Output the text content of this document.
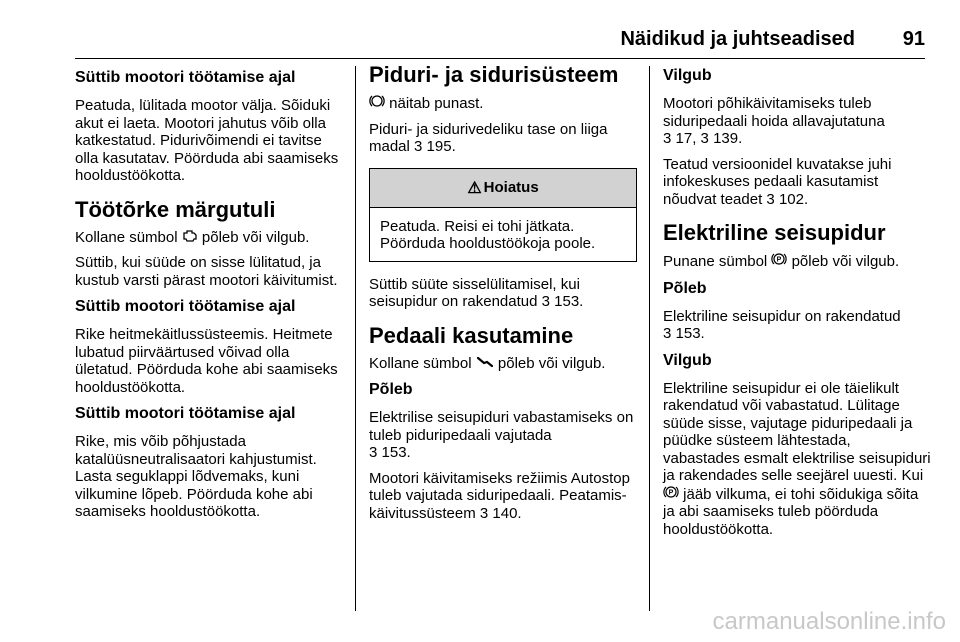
Näidikud ja juhtseadised 91
Süttib mootori töötamise ajal

Peatuda, lülitada mootor välja. Sõiduki akut ei laeta. Mootori jahutus võib olla katkestatud. Pidurivõimendi ei tavitse olla kasutatav. Pöörduda abi saamiseks hooldustöökotta.

Töötõrke märgutuli

Kollane sümbol  põleb või vilgub.

Süttib, kui süüde on sisse lülitatud, ja kustub varsti pärast mootori käivitumist.

Süttib mootori töötamise ajal

Rike heitmekäitlussüsteemis. Heitmete lubatud piirväärtused võivad olla ületatud. Pöörduda kohe abi saamiseks hooldustöökotta.

Süttib mootori töötamise ajal

Rike, mis võib põhjustada katalüüsneutralisaatori kahjustumist. Lasta seguklappi lõdvemaks, kuni vilkumine lõpeb. Pöörduda kohe abi saamiseks hooldustöökotta.

Piduri- ja sidurisüsteem

näitab punast.

Piduri- ja sidurivedeliku tase on liiga madal 3 195.

⚠ Hoiatus

Peatuda. Reisi ei tohi jätkata. Pöörduda hooldustöökoja poole.

Süttib süüte sisselülitamisel, kui seisupidur on rakendatud 3 153.

Pedaali kasutamine

Kollane sümbol  põleb või vilgub.

Põleb

Elektrilise seisupiduri vabastamiseks on tuleb piduripedaali vajutada
3 153.

Mootori käivitamiseks režiimis Autostop tuleb vajutada siduripedaali. Peatamis-käivitussüsteem 3 140.

Vilgub

Mootori põhikäivitamiseks tuleb siduripedaali hoida allavajutatuna
3 17, 3 139.

Teatud versioonidel kuvatakse juhi infokeskuses pedaali kasutamist nõudvat teadet 3 102.

Elektriline seisupidur

Punane sümbol P põleb või vilgub.

Põleb

Elektriline seisupidur on rakendatud
3 153.

Vilgub

Elektriline seisupidur ei ole täielikult rakendatud või vabastatud. Lülitage süüde sisse, vajutage piduripedaali ja püüdke süsteem lähtestada, vabastades esmalt elektrilise seisupiduri ja rakendades selle seejärel uuesti. Kui
P jääb vilkuma, ei tohi sõidukiga sõita ja abi saamiseks tuleb pöörduda hooldustöökotta.

carmanualsonline.info
